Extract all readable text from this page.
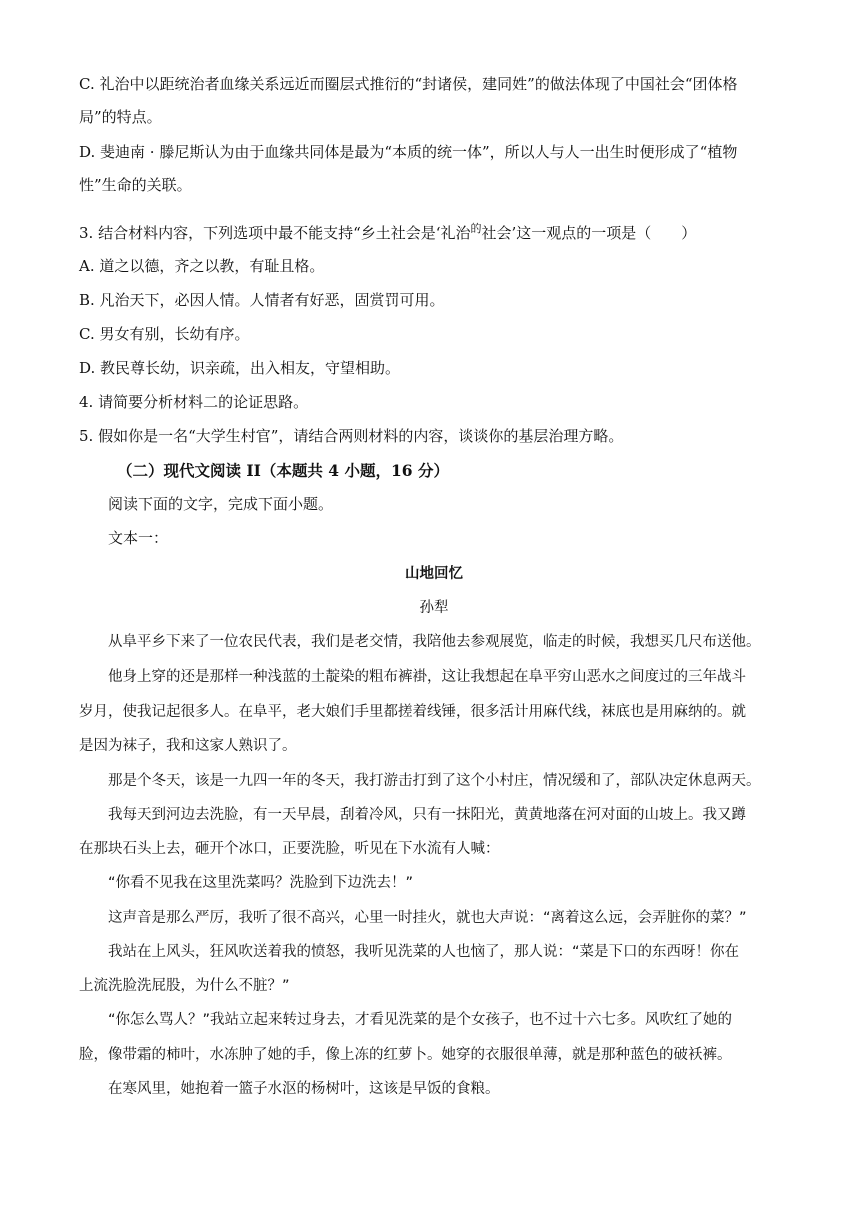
C. 礼治中以距统治者血缘关系远近而圈层式推衍的“封诸侯，建同姓”的做法体现了中国社会“团体格
局”的特点。
D. 斐迪南 · 滕尼斯认为由于血缘共同体是最为“本质的统一体”，所以人与人一出生时便形成了“植物
性”生命的关联。
3. 结合材料内容，下列选项中最不能支持“乡土社会是‘礼治$^的$社会’这一观点的一项是（　　）
A. 道之以德，齐之以教，有耻且格。
B. 凡治天下，必因人情。人情者有好恶，固赏罚可用。
C. 男女有别，长幼有序。
D. 教民尊长幼，识亲疏，出入相友，守望相助。
4. 请简要分析材料二的论证思路。
5. 假如你是一名“大学生村官”，请结合两则材料的内容，谈谈你的基层治理方略。
（二）现代文阅读 II（本题共 4 小题，16 分）
阅读下面的文字，完成下面小题。
文本一：
山地回忆
孙犁
从阜平乡下来了一位农民代表，我们是老交情，我陪他去参观展览，临走的时候，我想买几尺布送他。
他身上穿的还是那样一种浅蓝的土靛染的粗布裤褂，这让我想起在阜平穷山恶水之间度过的三年战斗
岁月，使我记起很多人。在阜平，老大娘们手里都搓着线锤，很多活计用麻代线，袜底也是用麻纳的。就
是因为袜子，我和这家人熟识了。
那是个冬天，该是一九四一年的冬天，我打游击打到了这个小村庄，情况缓和了，部队决定休息两天。
我每天到河边去洗脸，有一天早晨，刮着冷风，只有一抹阳光，黄黄地落在河对面的山坡上。我又蹲
在那块石头上去，砸开个冰口，正要洗脸，听见在下水流有人喊：
“你看不见我在这里洗菜吗？洗脸到下边洗去！”
这声音是那么严厉，我听了很不高兴，心里一时挂火，就也大声说：“离着这么远，会弄脏你的菜？”
我站在上风头，狂风吹送着我的愤怒，我听见洗菜的人也恼了，那人说：“菜是下口的东西呀！你在
上流洗脸洗屁股，为什么不脏？”
“你怎么骂人？”我站立起来转过身去，才看见洗菜的是个女孩子，也不过十六七多。风吹红了她的
脸，像带霜的柿叶，水冻肿了她的手，像上冻的红萝卜。她穿的衣服很单薄，就是那种蓝色的破袄裤。
在寒风里，她抱着一篮子水沤的杨树叶，这该是早饭的食粮。
